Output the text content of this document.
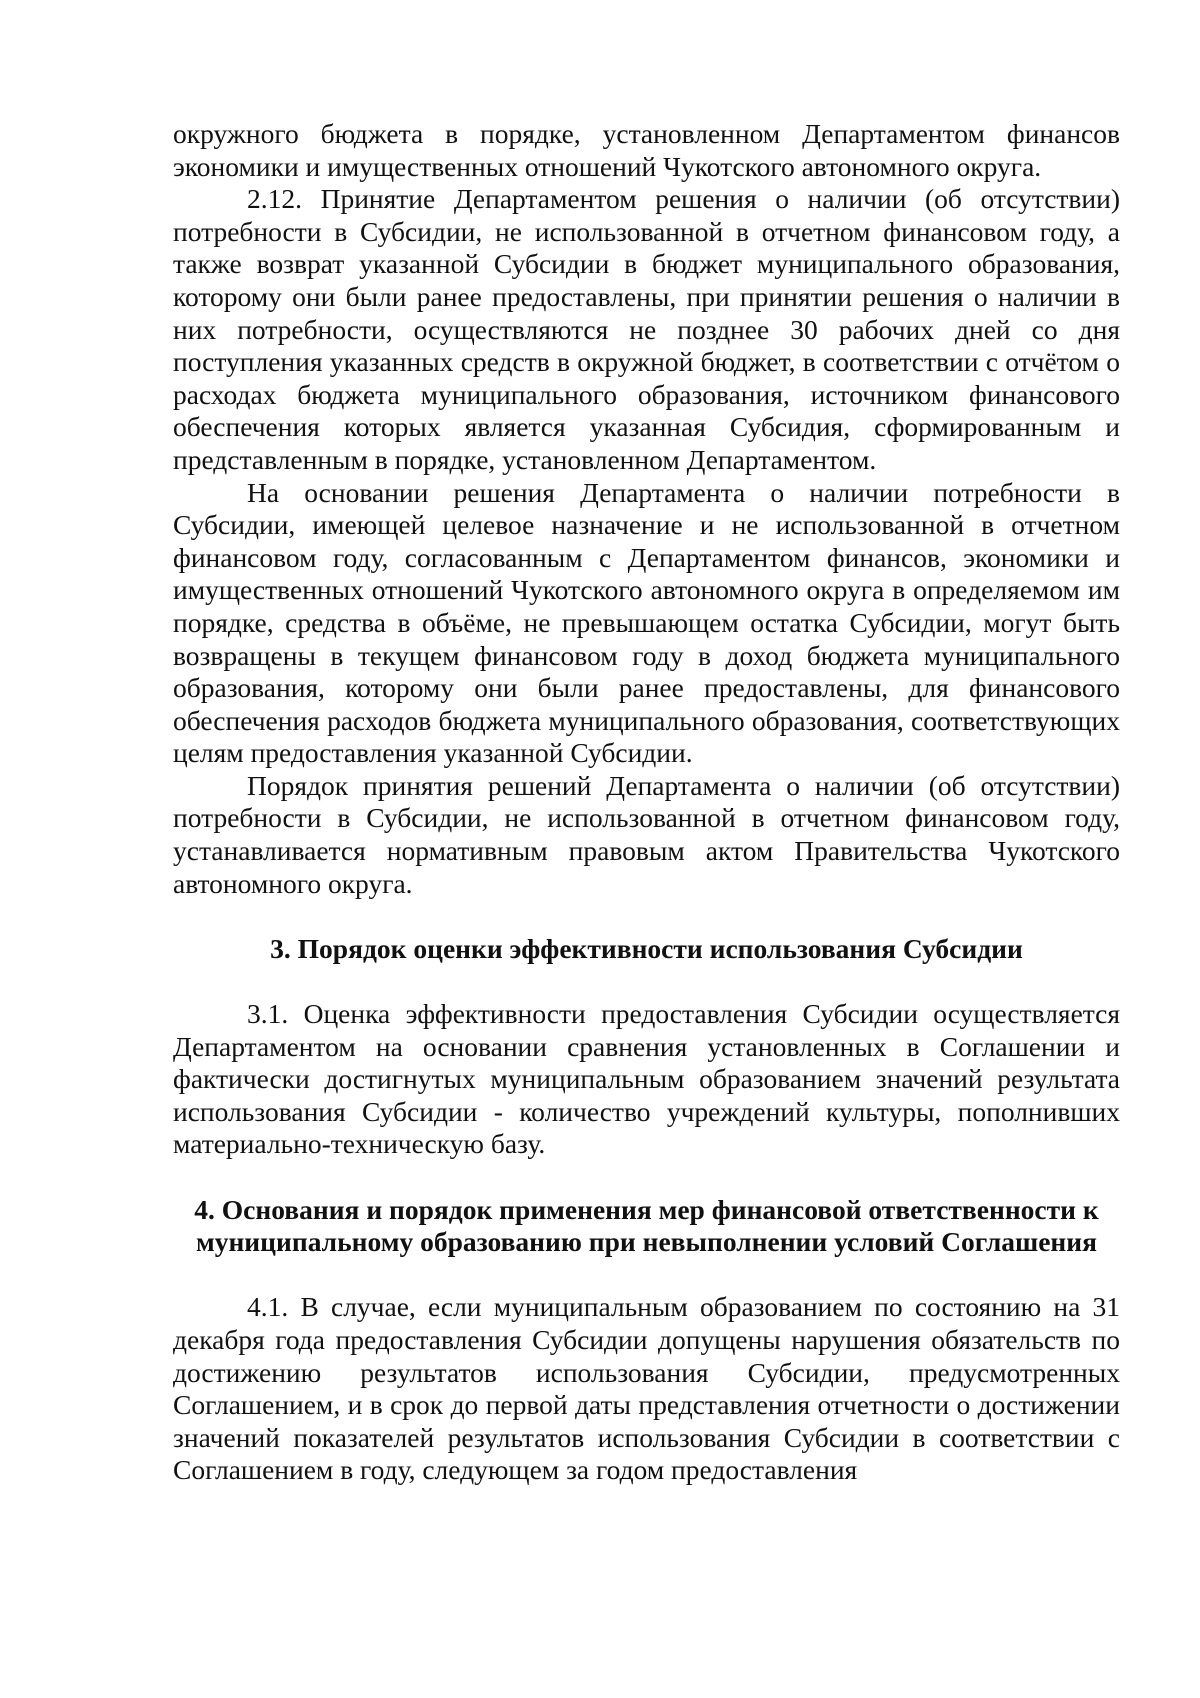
окружного бюджета в порядке, установленном Департаментом финансов экономики и имущественных отношений Чукотского автономного округа.

2.12. Принятие Департаментом решения о наличии (об отсутствии) потребности в Субсидии, не использованной в отчетном финансовом году, а также возврат указанной Субсидии в бюджет муниципального образования, которому они были ранее предоставлены, при принятии решения о наличии в них потребности, осуществляются не позднее 30 рабочих дней со дня поступления указанных средств в окружной бюджет, в соответствии с отчётом о расходах бюджета муниципального образования, источником финансового обеспечения которых является указанная Субсидия, сформированным и представленным в порядке, установленном Департаментом.

На основании решения Департамента о наличии потребности в Субсидии, имеющей целевое назначение и не использованной в отчетном финансовом году, согласованным с Департаментом финансов, экономики и имущественных отношений Чукотского автономного округа в определяемом им порядке, средства в объёме, не превышающем остатка Субсидии, могут быть возвращены в текущем финансовом году в доход бюджета муниципального образования, которому они были ранее предоставлены, для финансового обеспечения расходов бюджета муниципального образования, соответствующих целям предоставления указанной Субсидии.

Порядок принятия решений Департамента о наличии (об отсутствии) потребности в Субсидии, не использованной в отчетном финансовом году, устанавливается нормативным правовым актом Правительства Чукотского автономного округа.

3. Порядок оценки эффективности использования Субсидии

3.1. Оценка эффективности предоставления Субсидии осуществляется Департаментом на основании сравнения установленных в Соглашении и фактически достигнутых муниципальным образованием значений результата использования Субсидии - количество учреждений культуры, пополнивших материально-техническую базу.

4. Основания и порядок применения мер финансовой ответственности к
муниципальному образованию при невыполнении условий Соглашения

4.1. В случае, если муниципальным образованием по состоянию на 31 декабря года предоставления Субсидии допущены нарушения обязательств по достижению результатов использования Субсидии, предусмотренных Соглашением, и в срок до первой даты представления отчетности о достижении значений показателей результатов использования Субсидии в соответствии с Соглашением в году, следующем за годом предоставления
